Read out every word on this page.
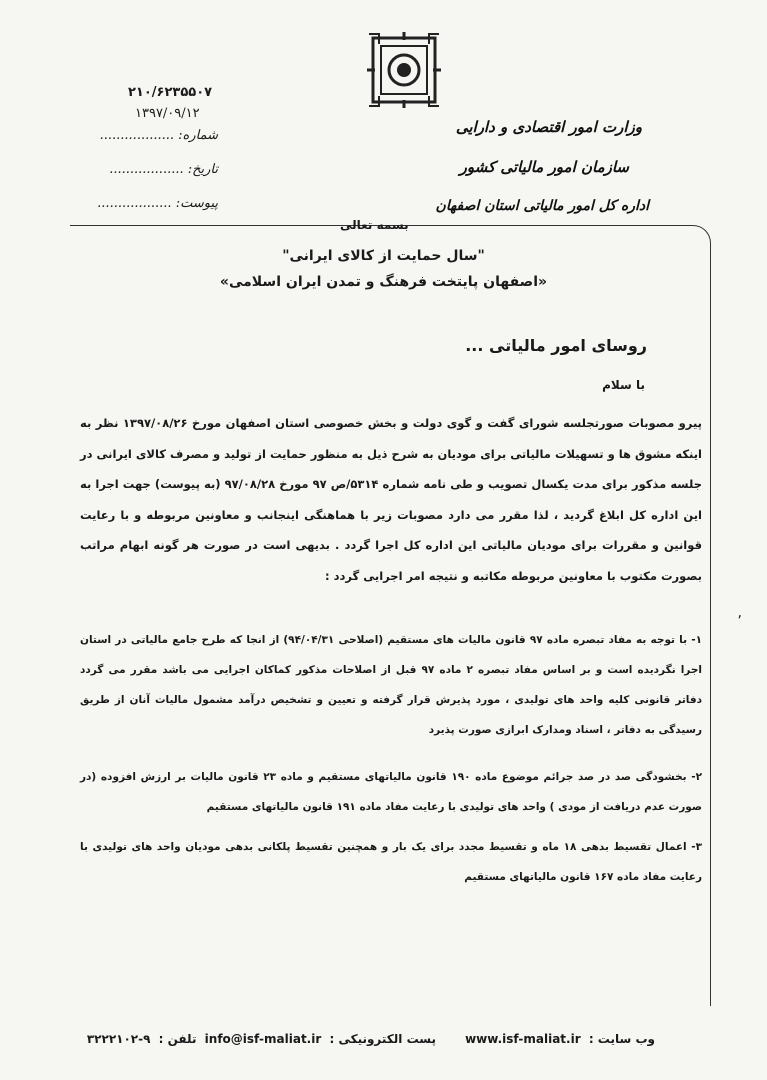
۲۱۰/۶۲۳۵۵۰۷
۱۳۹۷/۰۹/۱۲
شماره: ..................
تاریخ: ..................
پیوست: ..................
وزارت امور اقتصادی و دارایی
سازمان امور مالیاتی کشور
اداره کل امور مالیاتی استان اصفهان
بسمه تعالی
"سال حمایت از کالای ایرانی"
«اصفهان پایتخت فرهنگ و تمدن ایران اسلامی»
روسای امور مالیاتی ...
با سلام

پیرو مصوبات صورتجلسه شورای گفت و گوی دولت و بخش خصوصی استان اصفهان مورخ ۱۳۹۷/۰۸/۲۶ نظر به اینکه مشوق ها و تسهیلات مالیاتی برای مودیان به شرح ذیل به منظور حمایت از تولید و مصرف کالای ایرانی در جلسه مذکور برای مدت یکسال تصویب و طی نامه شماره ۵۳۱۴/ص ۹۷ مورخ ۹۷/۰۸/۲۸ (به پیوست) جهت اجرا به این اداره کل ابلاغ گردید ، لذا مقرر می دارد مصوبات زیر با هماهنگی اینجانب و معاونین مربوطه و با رعایت قوانین و مقررات برای مودیان مالیاتی این اداره کل اجرا گردد . بدیهی است در صورت هر گونه ابهام مراتب بصورت مکتوب با معاونین مربوطه مکاتبه و نتیجه امر اجرایی گردد :

۱- با توجه به مفاد تبصره ماده ۹۷ قانون مالیات های مستقیم (اصلاحی ۹۴/۰۴/۳۱) از انجا که طرح جامع مالیاتی در استان اجرا نگردیده است و بر اساس مفاد تبصره ۲ ماده ۹۷ قبل از اصلاحات مذکور کماکان اجرایی می باشد مقرر می گردد دفاتر قانونی کلیه واحد های تولیدی ، مورد پذیرش قرار گرفته و تعیین و تشخیص درآمد مشمول مالیات آنان از طریق رسیدگی به دفاتر ، اسناد ومدارک ابرازی صورت پذیرد
۲- بخشودگی صد در صد جرائم موضوع ماده ۱۹۰ قانون مالیاتهای مستقیم و ماده ۲۳ قانون مالیات بر ارزش افزوده (در صورت عدم دریافت از مودی ) واحد های تولیدی با رعایت مفاد ماده ۱۹۱ قانون مالیاتهای مستقیم
۳- اعمال تقسیط بدهی ۱۸ ماه و تقسیط مجدد برای یک بار و همچنین تقسیط پلکانی بدهی مودیان واحد های تولیدی با رعایت مفاد ماده ۱۶۷ قانون مالیاتهای مستقیم
,
وب سایت : www.isf-maliat.ir      پست الکترونیکی : info@isf-maliat.ir تلفن : ۹-۳۲۲۲۱۰۲
